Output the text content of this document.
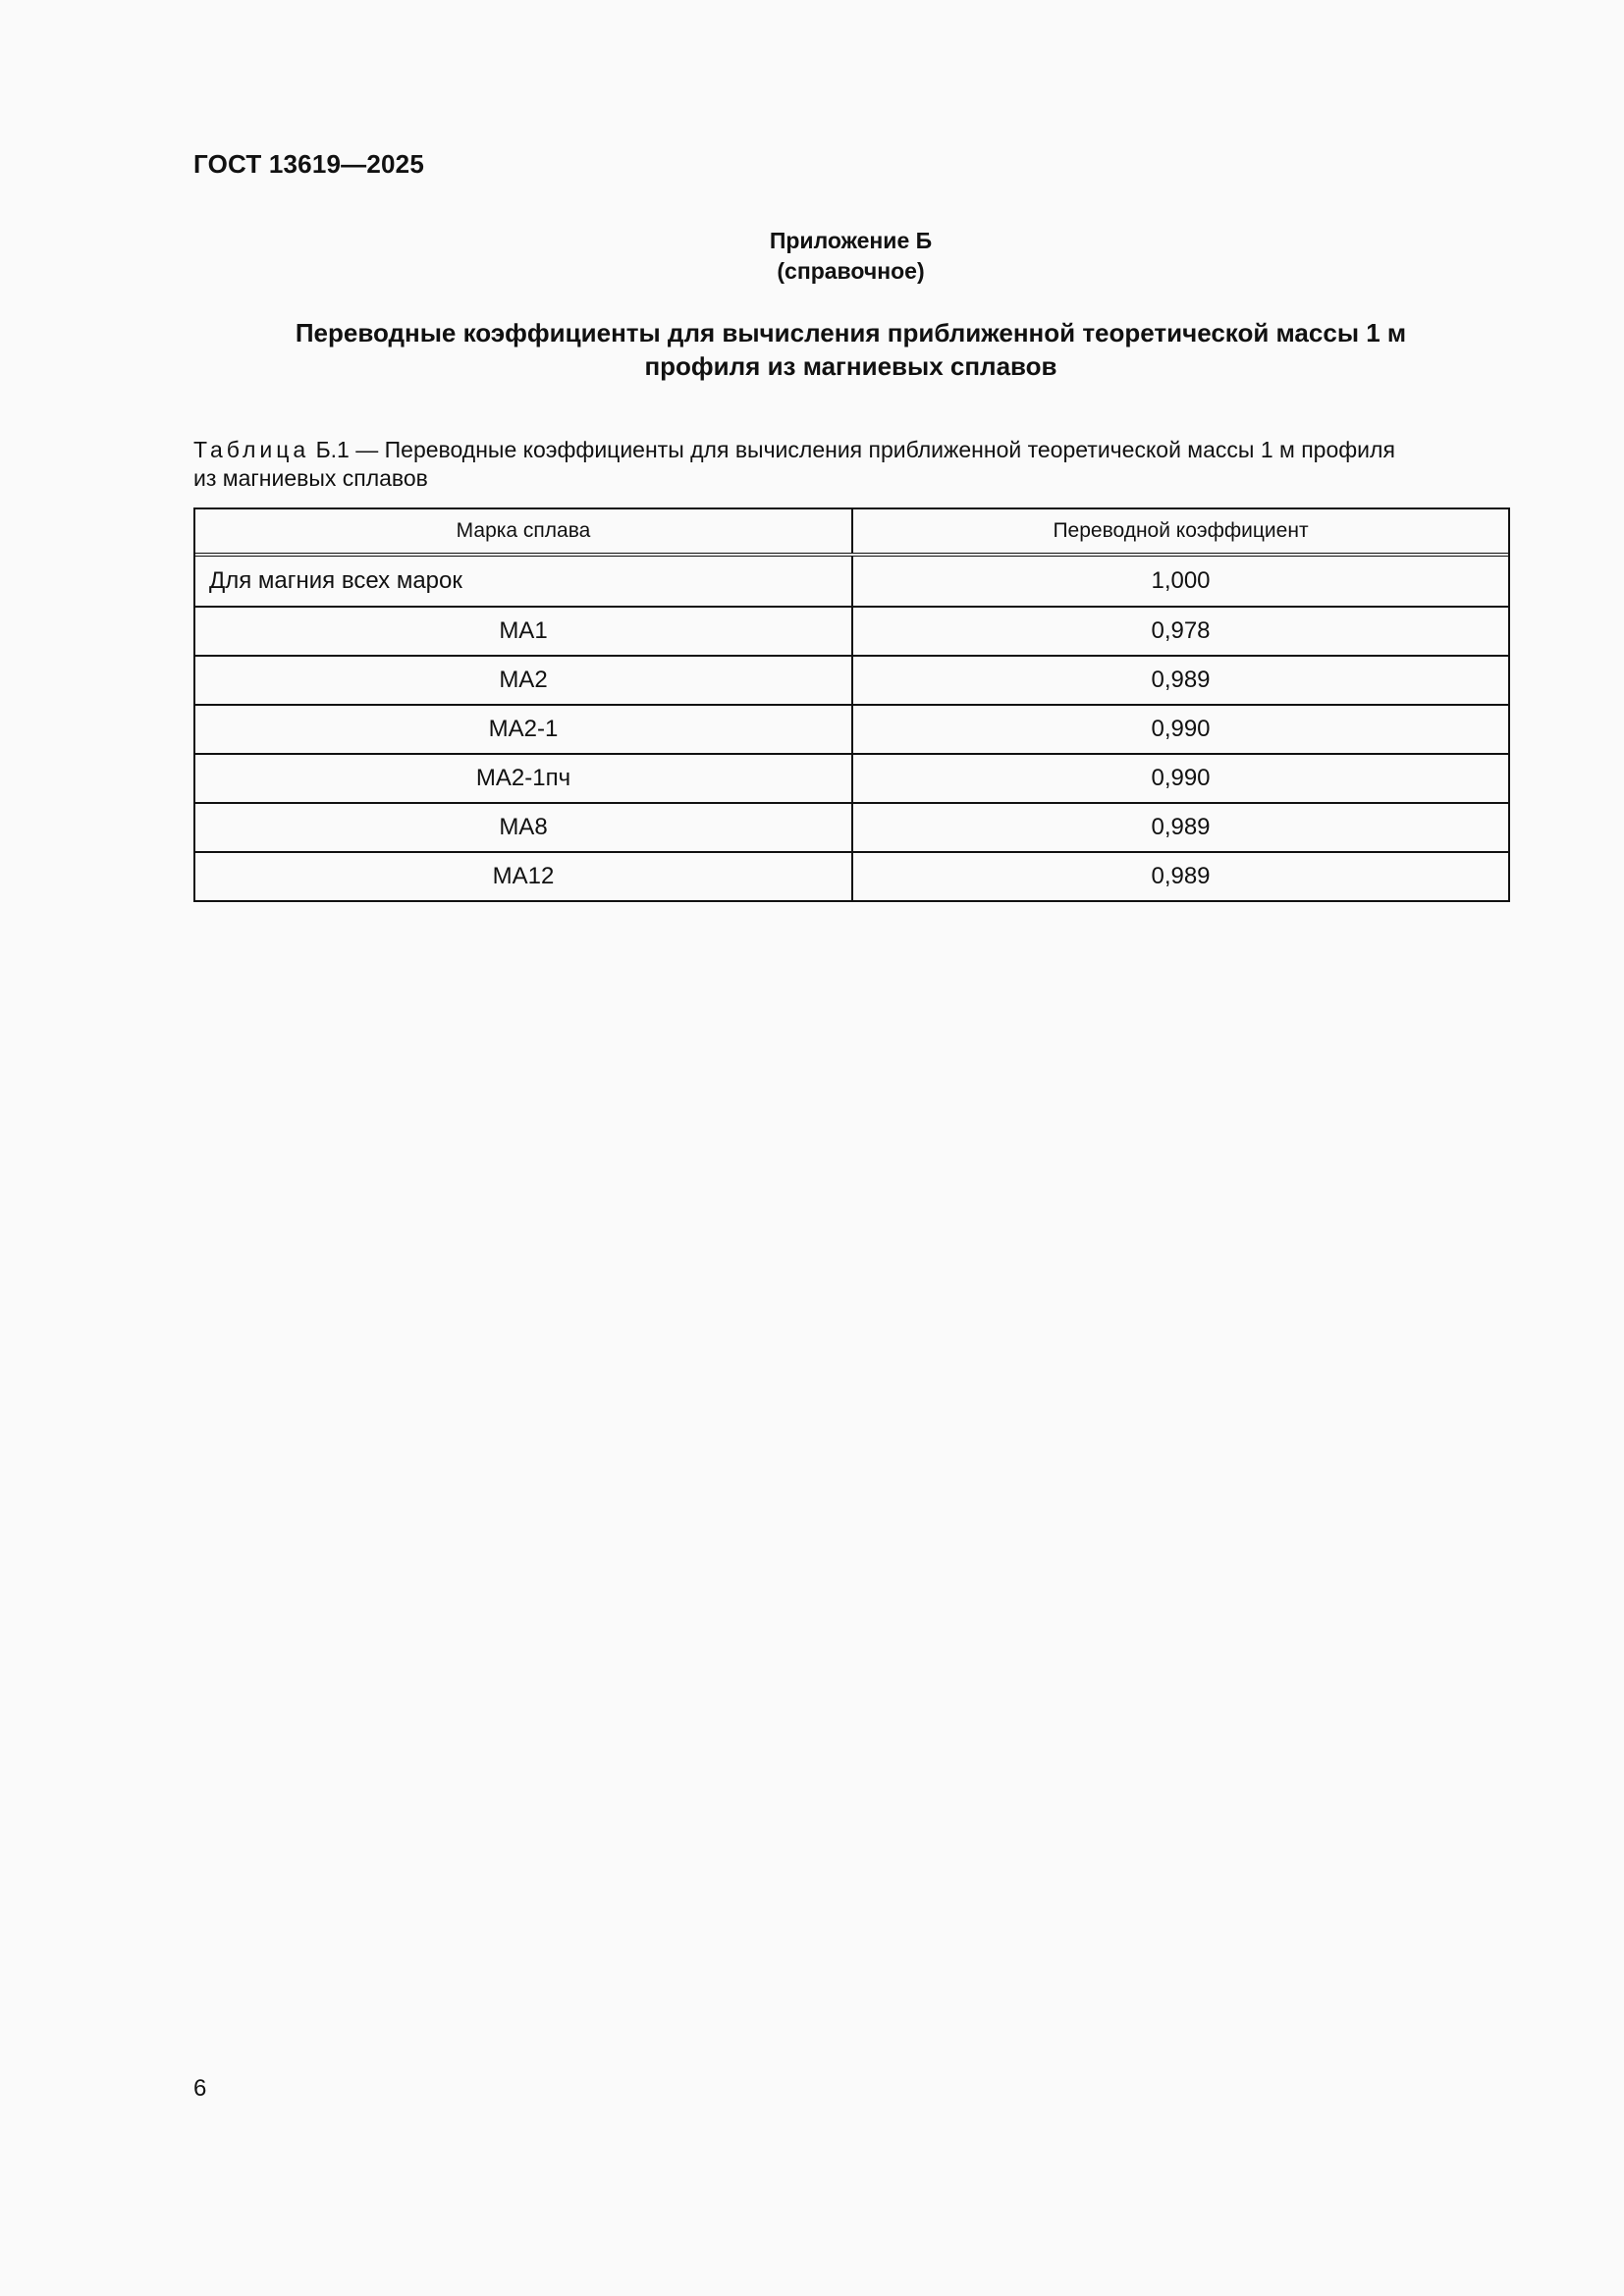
ГОСТ 13619—2025
Приложение Б
(справочное)
Переводные коэффициенты для вычисления приближенной теоретической массы 1 м
профиля из магниевых сплавов
Таблица Б.1 — Переводные коэффициенты для вычисления приближенной теоретической массы 1 м профиля
из магниевых сплавов
Марка сплава	Переводной коэффициент
Для магния всех марок	1,000
МА1	0,978
МА2	0,989
МА2-1	0,990
МА2-1пч	0,990
МА8	0,989
МА12	0,989
6
